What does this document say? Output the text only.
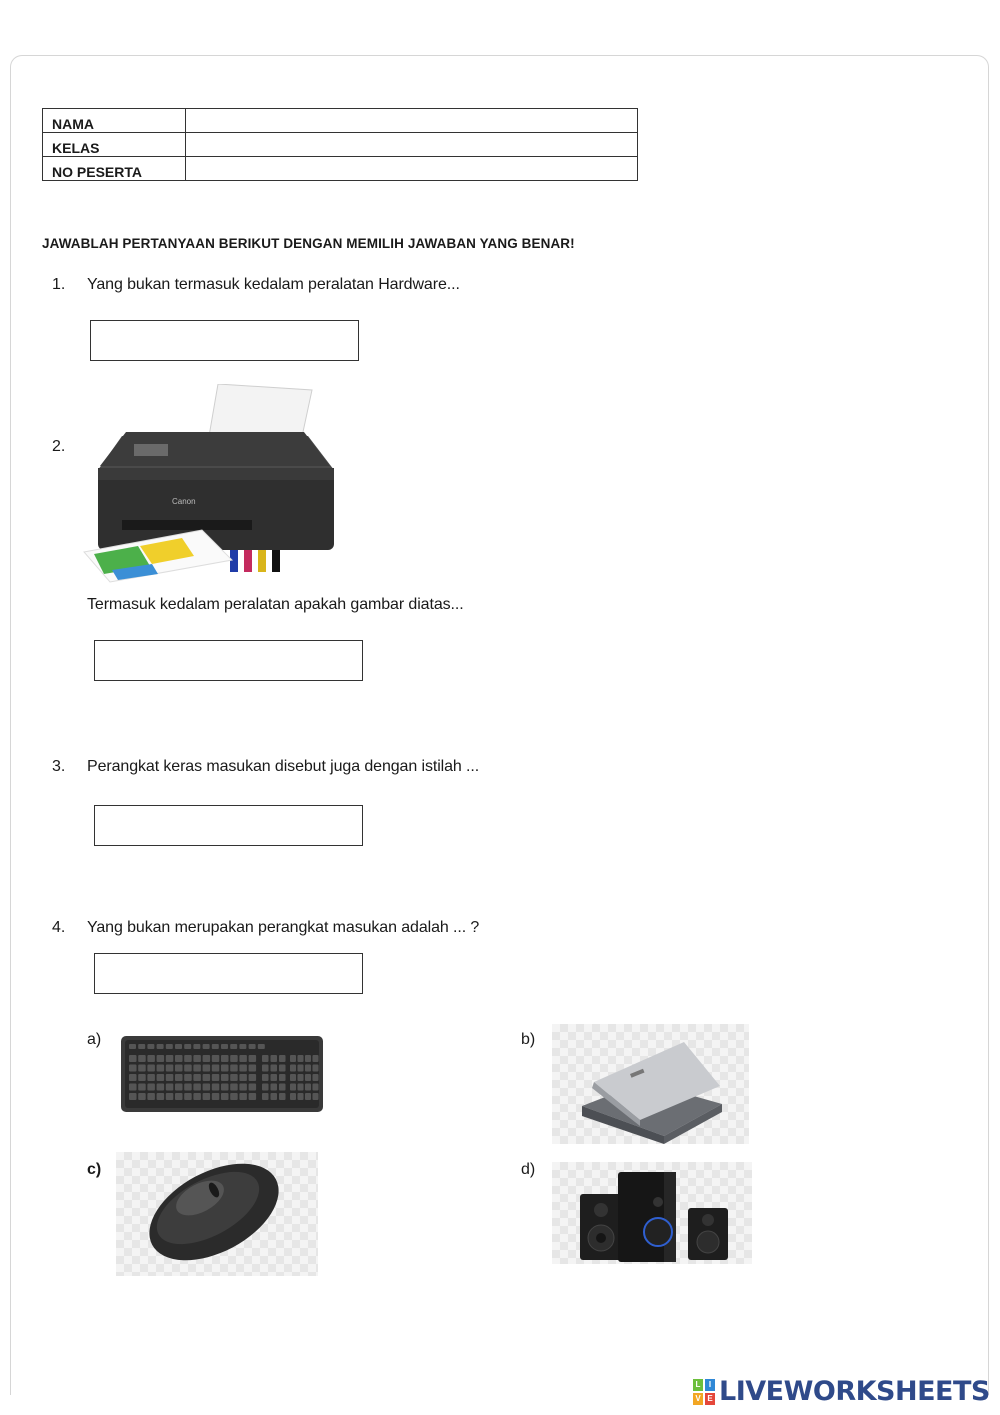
NAMA	
KELAS	
NO PESERTA	
JAWABLAH PERTANYAAN BERIKUT DENGAN MEMILIH JAWABAN YANG BENAR!
1. Yang bukan termasuk kedalam peralatan Hardware...
2.
Canon
Termasuk kedalam peralatan apakah gambar diatas...
3. Perangkat keras masukan disebut juga dengan istilah ...
4. Yang bukan merupakan perangkat masukan adalah ... ?
a)	b)
c)	d)
L	I
V E LIVEWORKSHEETS
